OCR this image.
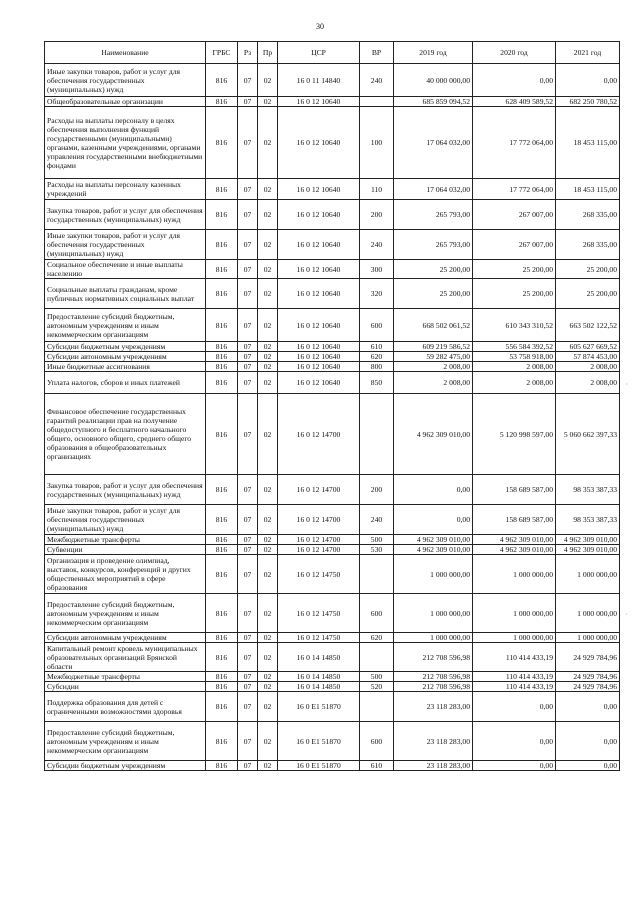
30
·
·
Наименование	ГРБС	Рз	Пр	ЦСР	ВР	2019 год	2020 год	2021 год
Иные закупки товаров, работ и услуг для обеспечения государственных (муниципальных) нужд	816	07	02	16 0 11 14840	240	40 000 000,00	0,00	0,00
Общеобразовательные организации	816	07	02	16 0 12 10640		685 859 094,52	628 409 589,52	682 250 780,52
Расходы на выплаты персоналу в целях обеспечения выполнения функций государственными (муниципальными) органами, казенными учреждениями, органами управления государственными внебюджетными фондами	816	07	02	16 0 12 10640	100	17 064 032,00	17 772 064,00	18 453 115,00
Расходы на выплаты персоналу казенных учреждений	816	07	02	16 0 12 10640	110	17 064 032,00	17 772 064,00	18 453 115,00
Закупка товаров, работ и услуг для обеспечения государственных (муниципальных) нужд	816	07	02	16 0 12 10640	200	265 793,00	267 007,00	268 335,00
Иные закупки товаров, работ и услуг для обеспечения государственных (муниципальных) нужд	816	07	02	16 0 12 10640	240	265 793,00	267 007,00	268 335,00
Социальное обеспечение и иные выплаты населению	816	07	02	16 0 12 10640	300	25 200,00	25 200,00	25 200,00
Социальные выплаты гражданам, кроме публичных нормативных социальных выплат	816	07	02	16 0 12 10640	320	25 200,00	25 200,00	25 200,00
Предоставление субсидий бюджетным, автономным учреждениям и иным некоммерческим организациям	816	07	02	16 0 12 10640	600	668 502 061,52	610 343 310,52	663 502 122,52
Субсидии бюджетным учреждениям	816	07	02	16 0 12 10640	610	609 219 586,52	556 584 392,52	605 627 669,52
Субсидии автономным учреждениям	816	07	02	16 0 12 10640	620	59 282 475,00	53 758 918,00	57 874 453,00
Иные бюджетные ассигнования	816	07	02	16 0 12 10640	800	2 008,00	2 008,00	2 008,00
Уплата налогов, сборов и иных платежей	816	07	02	16 0 12 10640	850	2 008,00	2 008,00	2 008,00
Финансовое обеспечение государственных гарантий реализации прав на получение общедоступного и бесплатного начального общего, основного общего, среднего общего образования в общеобразовательных организациях	816	07	02	16 0 12 14700		4 962 309 010,00	5 120 998 597,00	5 060 662 397,33
Закупка товаров, работ и услуг для обеспечения государственных (муниципальных) нужд	816	07	02	16 0 12 14700	200	0,00	158 689 587,00	98 353 387,33
Иные закупки товаров, работ и услуг для обеспечения государственных (муниципальных) нужд	816	07	02	16 0 12 14700	240	0,00	158 689 587,00	98 353 387,33
Межбюджетные трансферты	816	07	02	16 0 12 14700	500	4 962 309 010,00	4 962 309 010,00	4 962 309 010,00
Субвенции	816	07	02	16 0 12 14700	530	4 962 309 010,00	4 962 309 010,00	4 962 309 010,00
Организация и проведение олимпиад, выставок, конкурсов, конференций и других общественных мероприятий в сфере образования	816	07	02	16 0 12 14750		1 000 000,00	1 000 000,00	1 000 000,00
Предоставление субсидий бюджетным, автономным учреждениям и иным некоммерческим организациям	816	07	02	16 0 12 14750	600	1 000 000,00	1 000 000,00	1 000 000,00
Субсидии автономным учреждениям	816	07	02	16 0 12 14750	620	1 000 000,00	1 000 000,00	1 000 000,00
Капитальный ремонт кровель муниципальных образовательных организаций Брянской области	816	07	02	16 0 14 14850		212 708 596,98	110 414 433,19	24 929 784,96
Межбюджетные трансферты	816	07	02	16 0 14 14850	500	212 708 596,98	110 414 433,19	24 929 784,96
Субсидии	816	07	02	16 0 14 14850	520	212 708 596,98	110 414 433,19	24 929 784,96
Поддержка образования для детей с ограниченными возможностями здоровья	816	07	02	16 0 E1 51870		23 118 283,00	0,00	0,00
Предоставление субсидий бюджетным, автономным учреждениям и иным некоммерческим организациям	816	07	02	16 0 E1 51870	600	23 118 283,00	0,00	0,00
Субсидии бюджетным учреждениям	816	07	02	16 0 E1 51870	610	23 118 283,00	0,00	0,00
